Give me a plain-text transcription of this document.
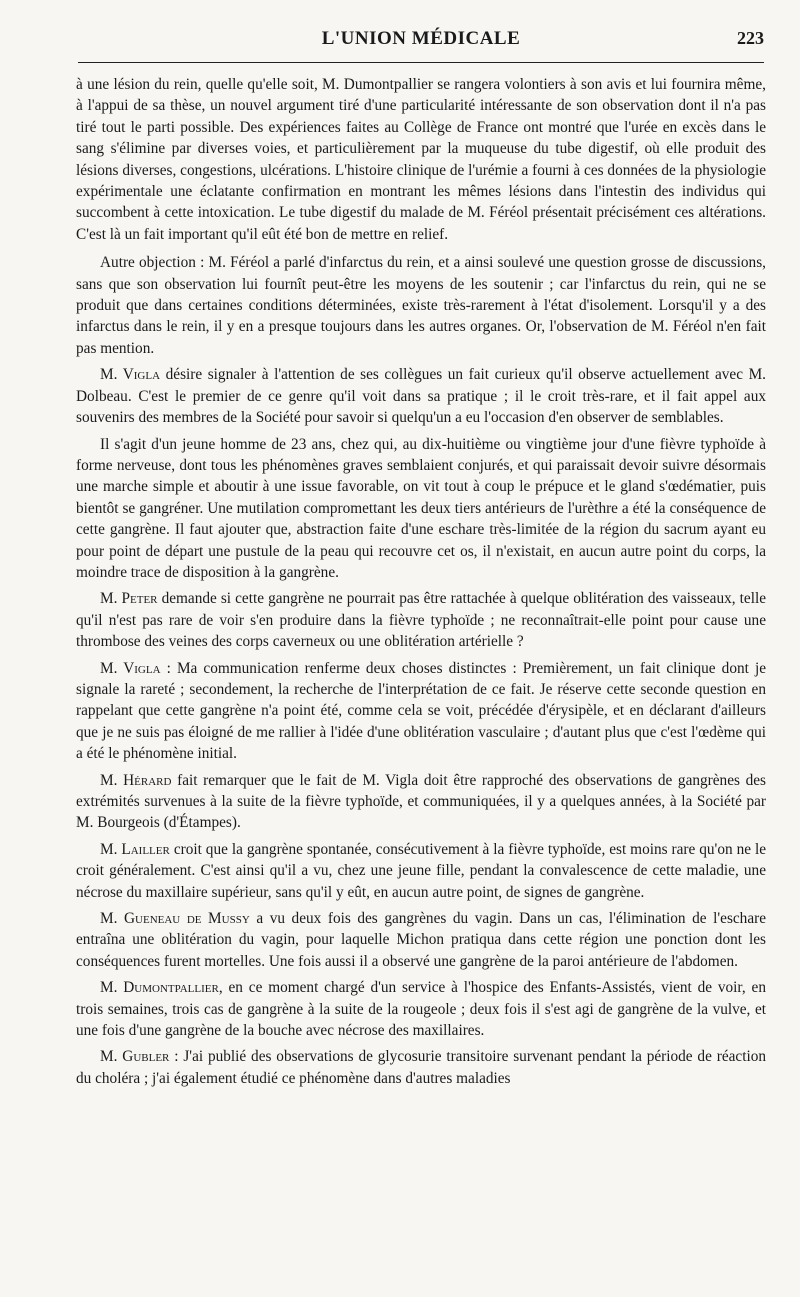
L'UNION MÉDICALE	223

à une lésion du rein, quelle qu'elle soit, M. Dumontpallier se rangera volontiers à son avis et lui fournira même, à l'appui de sa thèse, un nouvel argument tiré d'une particularité intéressante de son observation dont il n'a pas tiré tout le parti possible. Des expériences faites au Collège de France ont montré que l'urée en excès dans le sang s'élimine par diverses voies, et particulièrement par la muqueuse du tube digestif, où elle produit des lésions diverses, congestions, ulcérations. L'histoire clinique de l'urémie a fourni à ces données de la physiologie expérimentale une éclatante confirmation en montrant les mêmes lésions dans l'intestin des individus qui succombent à cette intoxication. Le tube digestif du malade de M. Féréol présentait précisément ces altérations. C'est là un fait important qu'il eût été bon de mettre en relief.

Autre objection : M. Féréol a parlé d'infarctus du rein, et a ainsi soulevé une question grosse de discussions, sans que son observation lui fournît peut-être les moyens de les soutenir ; car l'infarctus du rein, qui ne se produit que dans certaines conditions déterminées, existe très-rarement à l'état d'isolement. Lorsqu'il y a des infarctus dans le rein, il y en a presque toujours dans les autres organes. Or, l'observation de M. Féréol n'en fait pas mention.

M. Vigla désire signaler à l'attention de ses collègues un fait curieux qu'il observe actuellement avec M. Dolbeau. C'est le premier de ce genre qu'il voit dans sa pratique ; il le croit très-rare, et il fait appel aux souvenirs des membres de la Société pour savoir si quelqu'un a eu l'occasion d'en observer de semblables.

Il s'agit d'un jeune homme de 23 ans, chez qui, au dix-huitième ou vingtième jour d'une fièvre typhoïde à forme nerveuse, dont tous les phénomènes graves semblaient conjurés, et qui paraissait devoir suivre désormais une marche simple et aboutir à une issue favorable, on vit tout à coup le prépuce et le gland s'œdématier, puis bientôt se gangréner. Une mutilation compromettant les deux tiers antérieurs de l'urèthre a été la conséquence de cette gangrène. Il faut ajouter que, abstraction faite d'une eschare très-limitée de la région du sacrum ayant eu pour point de départ une pustule de la peau qui recouvre cet os, il n'existait, en aucun autre point du corps, la moindre trace de disposition à la gangrène.

M. Peter demande si cette gangrène ne pourrait pas être rattachée à quelque oblitération des vaisseaux, telle qu'il n'est pas rare de voir s'en produire dans la fièvre typhoïde ; ne reconnaîtrait-elle point pour cause une thrombose des veines des corps caverneux ou une oblitération artérielle ?

M. Vigla : Ma communication renferme deux choses distinctes : Premièrement, un fait clinique dont je signale la rareté ; secondement, la recherche de l'interprétation de ce fait. Je réserve cette seconde question en rappelant que cette gangrène n'a point été, comme cela se voit, précédée d'érysipèle, et en déclarant d'ailleurs que je ne suis pas éloigné de me rallier à l'idée d'une oblitération vasculaire ; d'autant plus que c'est l'œdème qui a été le phénomène initial.

M. Hérard fait remarquer que le fait de M. Vigla doit être rapproché des observations de gangrènes des extrémités survenues à la suite de la fièvre typhoïde, et communiquées, il y a quelques années, à la Société par M. Bourgeois (d'Étampes).

M. Lailler croit que la gangrène spontanée, consécutivement à la fièvre typhoïde, est moins rare qu'on ne le croit généralement. C'est ainsi qu'il a vu, chez une jeune fille, pendant la convalescence de cette maladie, une nécrose du maxillaire supérieur, sans qu'il y eût, en aucun autre point, de signes de gangrène.

M. Gueneau de Mussy a vu deux fois des gangrènes du vagin. Dans un cas, l'élimination de l'eschare entraîna une oblitération du vagin, pour laquelle Michon pratiqua dans cette région une ponction dont les conséquences furent mortelles. Une fois aussi il a observé une gangrène de la paroi antérieure de l'abdomen.

M. Dumontpallier, en ce moment chargé d'un service à l'hospice des Enfants-Assistés, vient de voir, en trois semaines, trois cas de gangrène à la suite de la rougeole ; deux fois il s'est agi de gangrène de la vulve, et une fois d'une gangrène de la bouche avec nécrose des maxillaires.

M. Gubler : J'ai publié des observations de glycosurie transitoire survenant pendant la période de réaction du choléra ; j'ai également étudié ce phénomène dans d'autres maladies
